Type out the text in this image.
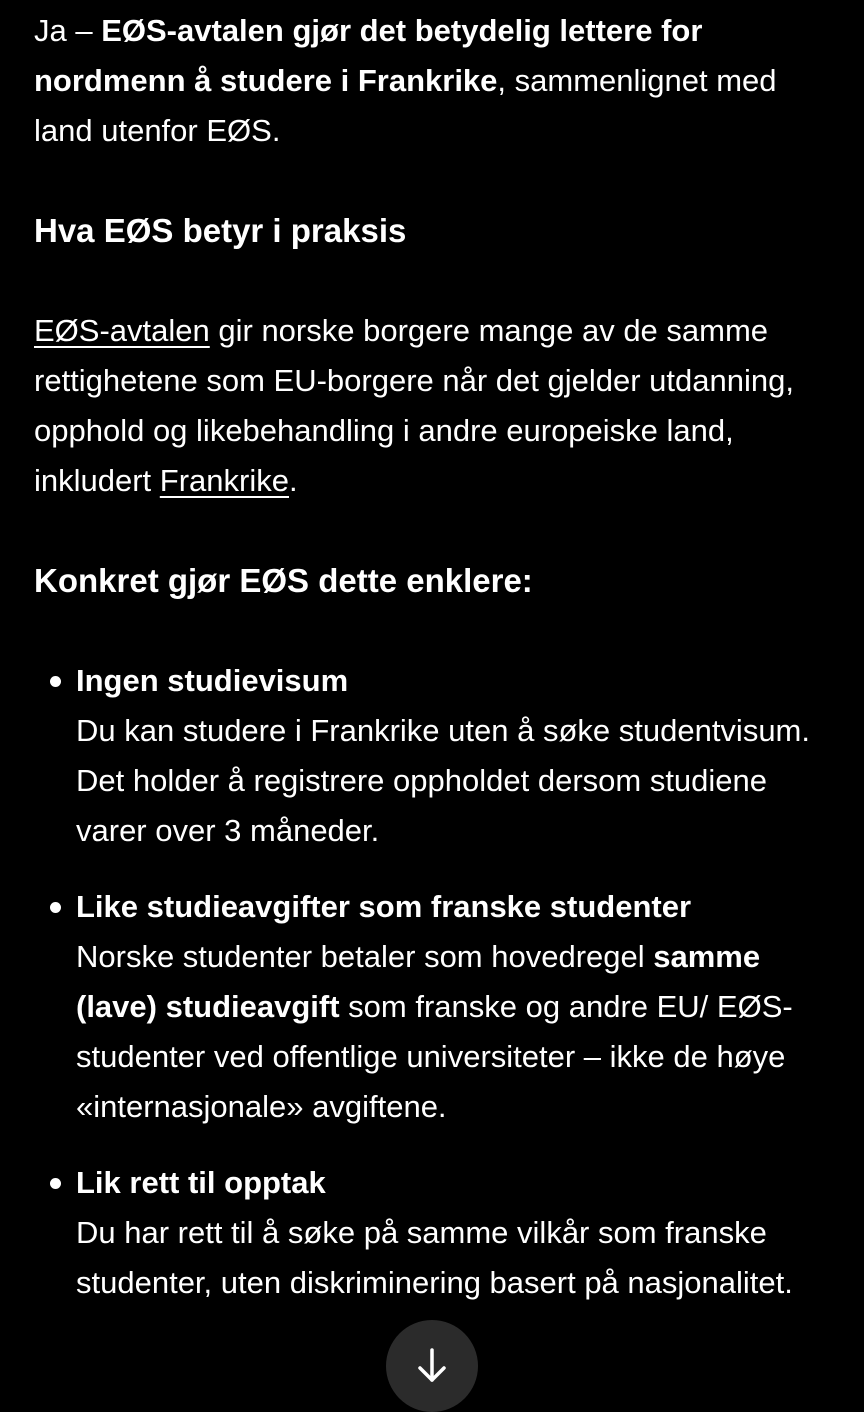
Ja – EØS-avtalen gjør det betydelig lettere for nordmenn å studere i Frankrike, sammenlignet med land utenfor EØS.

Hva EØS betyr i praksis

EØS-avtalen gir norske borgere mange av de samme rettighetene som EU-borgere når det gjelder utdanning, opphold og likebehandling i andre europeiske land, inkludert Frankrike.

Konkret gjør EØS dette enklere:
Ingen studievisum
Du kan studere i Frankrike uten å søke studentvisum. Det holder å registrere oppholdet dersom studiene varer over 3 måneder.
Like studieavgifter som franske studenter
Norske studenter betaler som hovedregel samme (lave) studieavgift som franske og andre EU/ EØS-studenter ved offentlige universiteter – ikke de høye «internasjonale» avgiftene.
Lik rett til opptak
Du har rett til å søke på samme vilkår som franske studenter, uten diskriminering basert på nasjonalitet.
